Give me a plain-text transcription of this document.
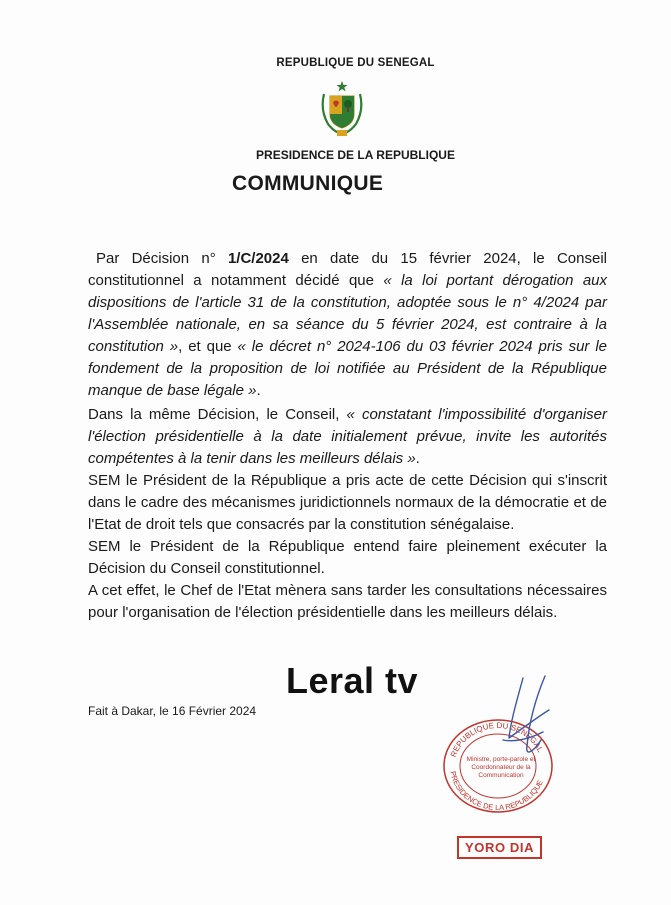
REPUBLIQUE DU SENEGAL
PRESIDENCE DE LA REPUBLIQUE
COMMUNIQUE

Par Décision n° 1/C/2024 en date du 15 février 2024, le Conseil constitutionnel a notamment décidé que « la loi portant dérogation aux dispositions de l'article 31 de la constitution, adoptée sous le n° 4/2024 par l'Assemblée nationale, en sa séance du 5 février 2024, est contraire à la constitution », et que « le décret n° 2024-106 du 03 février 2024 pris sur le fondement de la proposition de loi notifiée au Président de la République manque de base légale ».

Dans la même Décision, le Conseil, « constatant l'impossibilité d'organiser l'élection présidentielle à la date initialement prévue, invite les autorités compétentes à la tenir dans les meilleurs délais ».

SEM le Président de la République a pris acte de cette Décision qui s'inscrit dans le cadre des mécanismes juridictionnels normaux de la démocratie et de l'Etat de droit tels que consacrés par la constitution sénégalaise.

SEM le Président de la République entend faire pleinement exécuter la Décision du Conseil constitutionnel.

A cet effet, le Chef de l'Etat mènera sans tarder les consultations nécessaires pour l'organisation de l'élection présidentielle dans les meilleurs délais.

Fait à Dakar, le 16 Février 2024
REPUBLIQUE DU SENEGAL
PRESIDENCE DE LA REPUBLIQUE
Ministre, porte-parole et Coordonnateur de la Communication
YORO DIA
Leral tv
